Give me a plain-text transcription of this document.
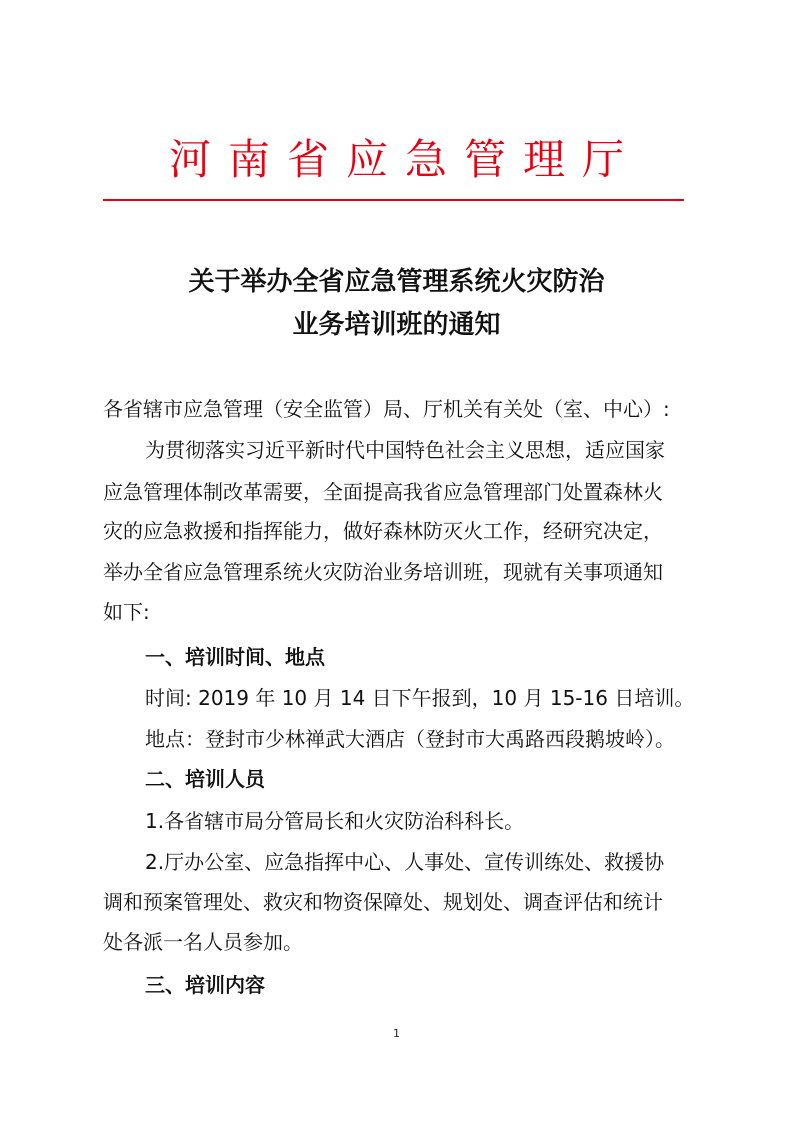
河南省应急管理厅
关于举办全省应急管理系统火灾防治
业务培训班的通知
各省辖市应急管理（安全监管）局、厅机关有关处（室、中心）:
为贯彻落实习近平新时代中国特色社会主义思想，适应国家
应急管理体制改革需要，全面提高我省应急管理部门处置森林火
灾的应急救援和指挥能力，做好森林防灭火工作，经研究决定，
举办全省应急管理系统火灾防治业务培训班，现就有关事项通知
如下:
一、培训时间、地点
时间: 2019 年 10 月 14 日下午报到，10 月 15-16 日培训。
地点：登封市少林禅武大酒店（登封市大禹路西段鹅坡岭）。
二、培训人员
1.各省辖市局分管局长和火灾防治科科长。
2.厅办公室、应急指挥中心、人事处、宣传训练处、救援协
调和预案管理处、救灾和物资保障处、规划处、调查评估和统计
处各派一名人员参加。
三、培训内容
1
